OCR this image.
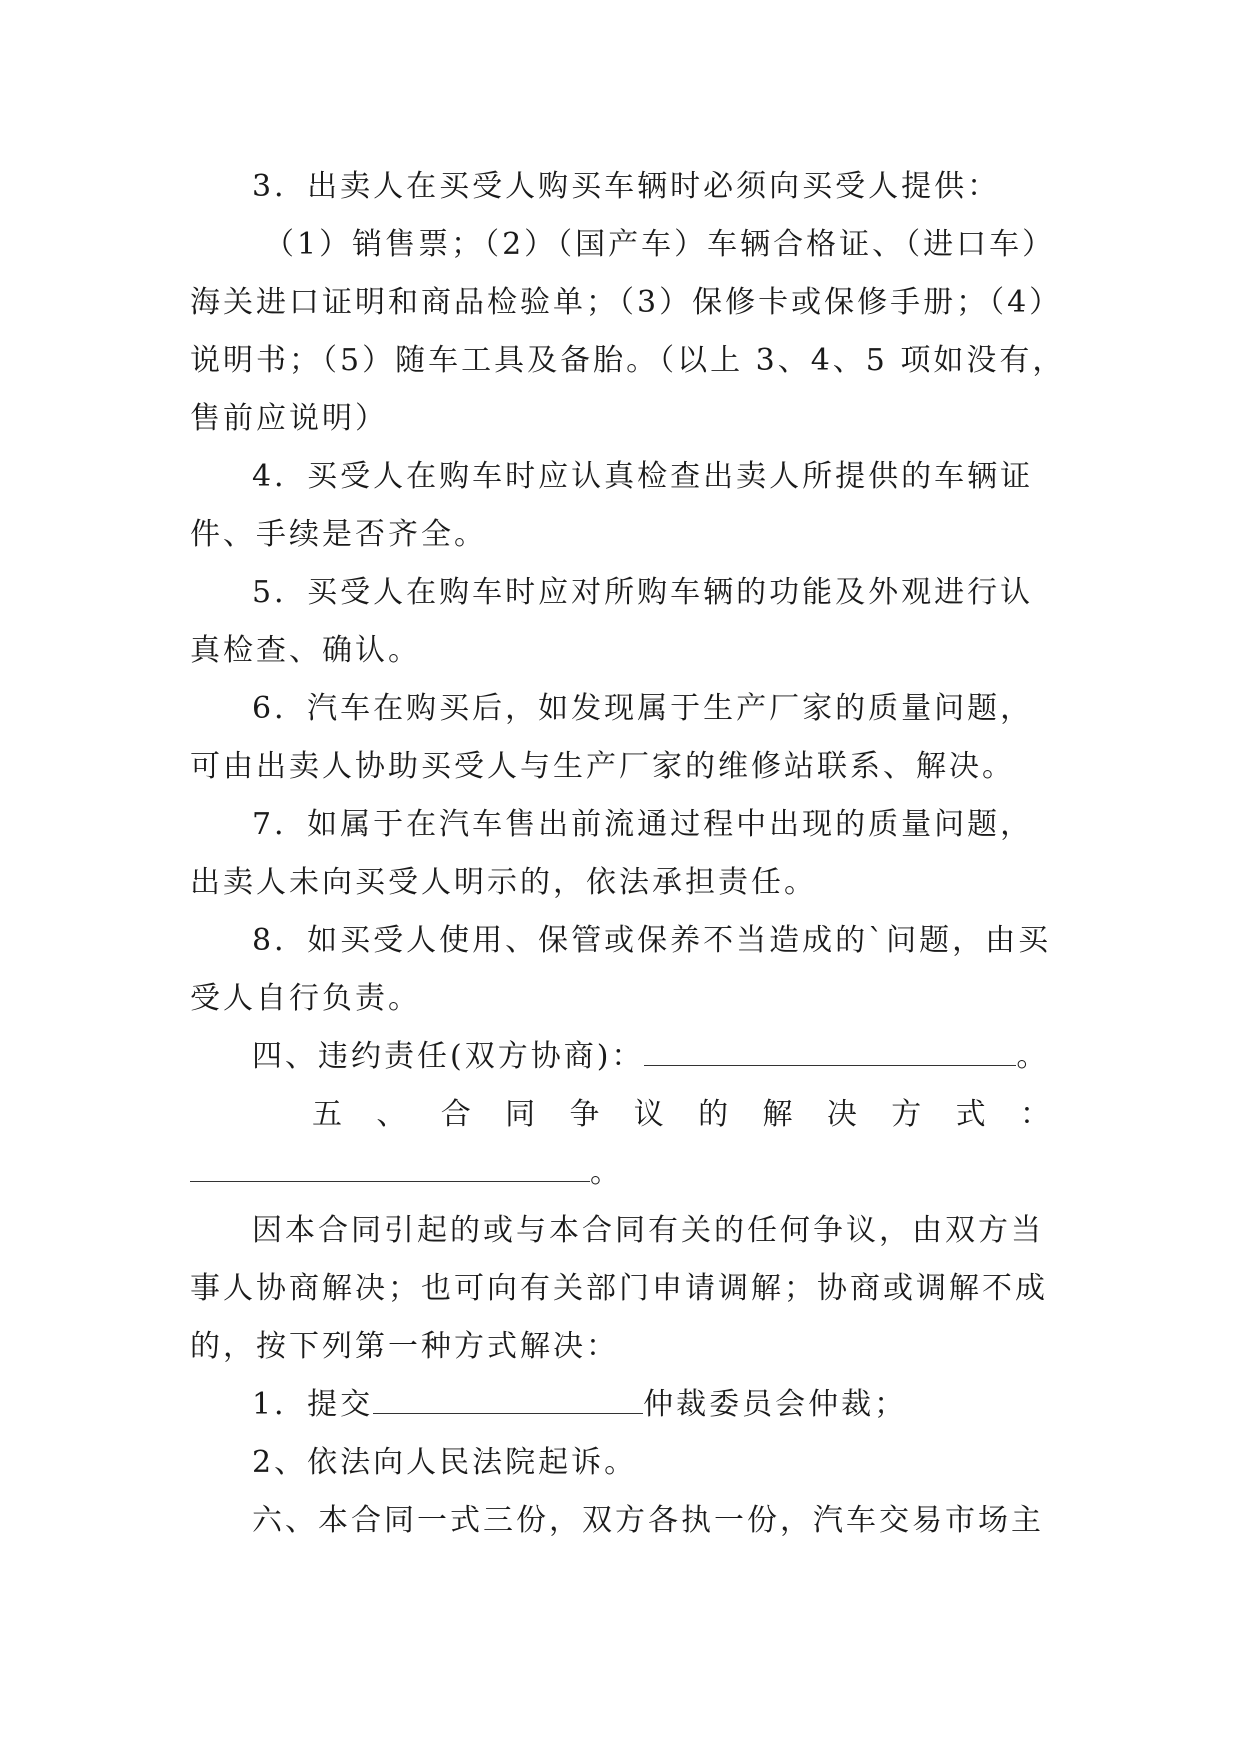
3．出卖人在买受人购买车辆时必须向买受人提供：
（1）销售票；（2）（国产车）车辆合格证、（进口车）
海关进口证明和商品检验单；（3）保修卡或保修手册；（4）
说明书；（5）随车工具及备胎。（以上 3、4、5 项如没有，
售前应说明）
4．买受人在购车时应认真检查出卖人所提供的车辆证
件、手续是否齐全。
5．买受人在购车时应对所购车辆的功能及外观进行认
真检查、确认。
6．汽车在购买后，如发现属于生产厂家的质量问题，
可由出卖人协助买受人与生产厂家的维修站联系、解决。
7．如属于在汽车售出前流通过程中出现的质量问题，
出卖人未向买受人明示的，依法承担责任。
8．如买受人使用、保管或保养不当造成的`问题，由买
受人自行负责。
四、违约责任(双方协商)：	。
五 、 合 同 争 议 的 解 决 方 式 ：
。
因本合同引起的或与本合同有关的任何争议，由双方当
事人协商解决；也可向有关部门申请调解；协商或调解不成
的，按下列第一种方式解决：
1．提交	仲裁委员会仲裁；
2、依法向人民法院起诉。
六、本合同一式三份，双方各执一份，汽车交易市场主
